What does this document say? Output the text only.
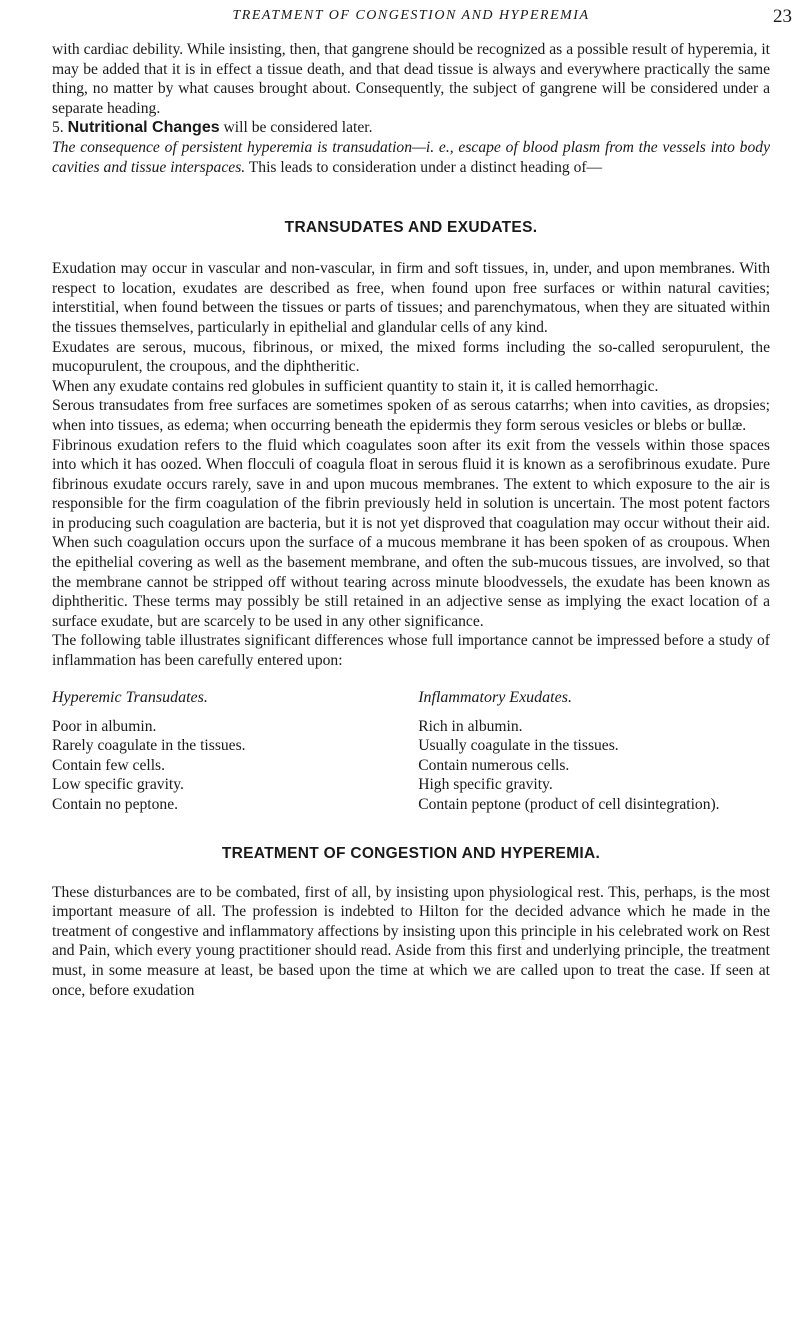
TREATMENT OF CONGESTION AND HYPEREMIA	23

with cardiac debility. While insisting, then, that gangrene should be recognized as a possible result of hyperemia, it may be added that it is in effect a tissue death, and that dead tissue is always and everywhere practically the same thing, no matter by what causes brought about. Consequently, the subject of gangrene will be considered under a separate heading.

5. Nutritional Changes will be considered later.

The consequence of persistent hyperemia is transudation—i. e., escape of blood plasm from the vessels into body cavities and tissue interspaces. This leads to consideration under a distinct heading of—

TRANSUDATES AND EXUDATES.

Exudation may occur in vascular and non-vascular, in firm and soft tissues, in, under, and upon membranes. With respect to location, exudates are described as free, when found upon free surfaces or within natural cavities; interstitial, when found between the tissues or parts of tissues; and parenchymatous, when they are situated within the tissues themselves, particularly in epithelial and glandular cells of any kind.

Exudates are serous, mucous, fibrinous, or mixed, the mixed forms including the so-called seropurulent, the mucopurulent, the croupous, and the diphtheritic.

When any exudate contains red globules in sufficient quantity to stain it, it is called hemorrhagic.

Serous transudates from free surfaces are sometimes spoken of as serous catarrhs; when into cavities, as dropsies; when into tissues, as edema; when occurring beneath the epidermis they form serous vesicles or blebs or bullæ.

Fibrinous exudation refers to the fluid which coagulates soon after its exit from the vessels within those spaces into which it has oozed. When flocculi of coagula float in serous fluid it is known as a serofibrinous exudate. Pure fibrinous exudate occurs rarely, save in and upon mucous membranes. The extent to which exposure to the air is responsible for the firm coagulation of the fibrin previously held in solution is uncertain. The most potent factors in producing such coagulation are bacteria, but it is not yet disproved that coagulation may occur without their aid. When such coagulation occurs upon the surface of a mucous membrane it has been spoken of as croupous. When the epithelial covering as well as the basement membrane, and often the sub-mucous tissues, are involved, so that the membrane cannot be stripped off without tearing across minute bloodvessels, the exudate has been known as diphtheritic. These terms may possibly be still retained in an adjective sense as implying the exact location of a surface exudate, but are scarcely to be used in any other significance.

The following table illustrates significant differences whose full importance cannot be impressed before a study of inflammation has been carefully entered upon:

Hyperemic Transudates.
Poor in albumin.
Rarely coagulate in the tissues.
Contain few cells.
Low specific gravity.
Contain no peptone.
Inflammatory Exudates.
Rich in albumin.
Usually coagulate in the tissues.
Contain numerous cells.
High specific gravity.
Contain peptone (product of cell disintegration).
TREATMENT OF CONGESTION AND HYPEREMIA.

These disturbances are to be combated, first of all, by insisting upon physiological rest. This, perhaps, is the most important measure of all. The profession is indebted to Hilton for the decided advance which he made in the treatment of congestive and inflammatory affections by insisting upon this principle in his celebrated work on Rest and Pain, which every young practitioner should read. Aside from this first and underlying principle, the treatment must, in some measure at least, be based upon the time at which we are called upon to treat the case. If seen at once, before exudation
